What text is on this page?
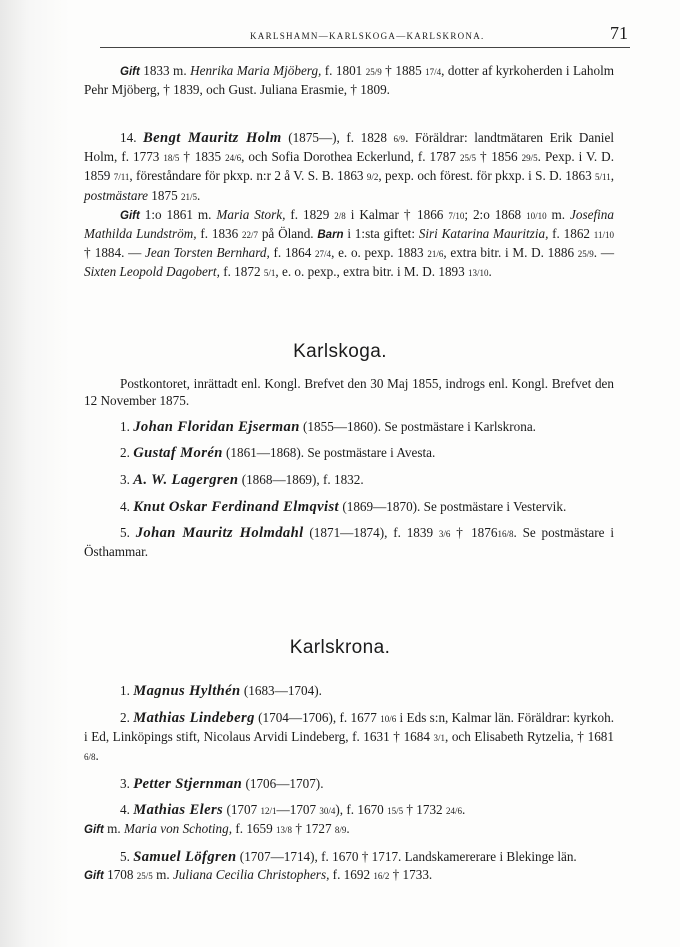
KARLSHAMN—KARLSKOGA—KARLSKRONA.	71

Gift 1833 m. Henrika Maria Mjöberg, f. 1801 25/9 † 1885 17/4, dotter af kyrkoherden i Laholm Pehr Mjöberg, † 1839, och Gust. Juliana Erasmie, † 1809.

14. Bengt Mauritz Holm (1875—), f. 1828 6/9. Föräldrar: landtmätaren Erik Daniel Holm, f. 1773 18/5 † 1835 24/6, och Sofia Dorothea Eckerlund, f. 1787 25/5 † 1856 29/5. Pexp. i V. D. 1859 7/11, föreståndare för pkxp. n:r 2 å V. S. B. 1863 9/2, pexp. och förest. för pkxp. i S. D. 1863 5/11, postmästare 1875 21/5.

Gift 1:o 1861 m. Maria Stork, f. 1829 2/8 i Kalmar † 1866 7/10; 2:o 1868 10/10 m. Josefina Mathilda Lundström, f. 1836 22/7 på Öland. Barn i 1:sta giftet: Siri Katarina Mauritzia, f. 1862 11/10 † 1884. — Jean Torsten Bernhard, f. 1864 27/4, e. o. pexp. 1883 21/6, extra bitr. i M. D. 1886 25/9. — Sixten Leopold Dagobert, f. 1872 5/1, e. o. pexp., extra bitr. i M. D. 1893 13/10.

Karlskoga.

Postkontoret, inrättadt enl. Kongl. Brefvet den 30 Maj 1855, indrogs enl. Kongl. Brefvet den 12 November 1875.

1. Johan Floridan Ejserman (1855—1860). Se postmästare i Karlskrona.

2. Gustaf Morén (1861—1868). Se postmästare i Avesta.

3. A. W. Lagergren (1868—1869), f. 1832.

4. Knut Oskar Ferdinand Elmqvist (1869—1870). Se postmästare i Vestervik.

5. Johan Mauritz Holmdahl (1871—1874), f. 1839 3/6 † 187616/8. Se postmästare i Östhammar.

Karlskrona.

1. Magnus Hylthén (1683—1704).

2. Mathias Lindeberg (1704—1706), f. 1677 10/6 i Eds s:n, Kalmar län. Föräldrar: kyrkoh. i Ed, Linköpings stift, Nicolaus Arvidi Lindeberg, f. 1631 † 1684 3/1, och Elisabeth Rytzelia, † 1681 6/8.

3. Petter Stjernman (1706—1707).

4. Mathias Elers (1707 12/1—1707 30/4), f. 1670 15/5 † 1732 24/6.

Gift m. Maria von Schoting, f. 1659 13/8 † 1727 8/9.

5. Samuel Löfgren (1707—1714), f. 1670 † 1717. Landskamererare i Blekinge län.

Gift 1708 25/5 m. Juliana Cecilia Christophers, f. 1692 16/2 † 1733.
